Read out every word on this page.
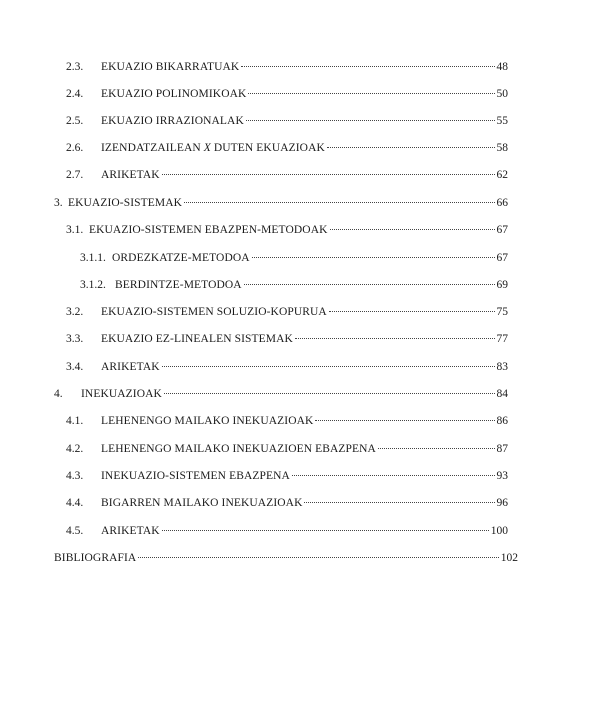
2.3.	EKUAZIO BIKARRATUAK	48
2.4.	EKUAZIO POLINOMIKOAK	50
2.5.	EKUAZIO IRRAZIONALAK	55
2.6.	IZENDATZAILEAN X DUTEN EKUAZIOAK	58
2.7.	ARIKETAK	62
3. EKUAZIO-SISTEMAK	66
3.1. EKUAZIO-SISTEMEN EBAZPEN-METODOAK	67
3.1.1. ORDEZKATZE-METODOA	67
3.1.2. BERDINTZE-METODOA	69
3.2.	EKUAZIO-SISTEMEN SOLUZIO-KOPURUA	75
3.3.	EKUAZIO EZ-LINEALEN SISTEMAK	77
3.4.	ARIKETAK	83
4.	INEKUAZIOAK	84
4.1.	LEHENENGO MAILAKO INEKUAZIOAK	86
4.2.	LEHENENGO MAILAKO INEKUAZIOEN EBAZPENA	87
4.3.	INEKUAZIO-SISTEMEN EBAZPENA	93
4.4.	BIGARREN MAILAKO INEKUAZIOAK	96
4.5.	ARIKETAK	100
BIBLIOGRAFIA	102
